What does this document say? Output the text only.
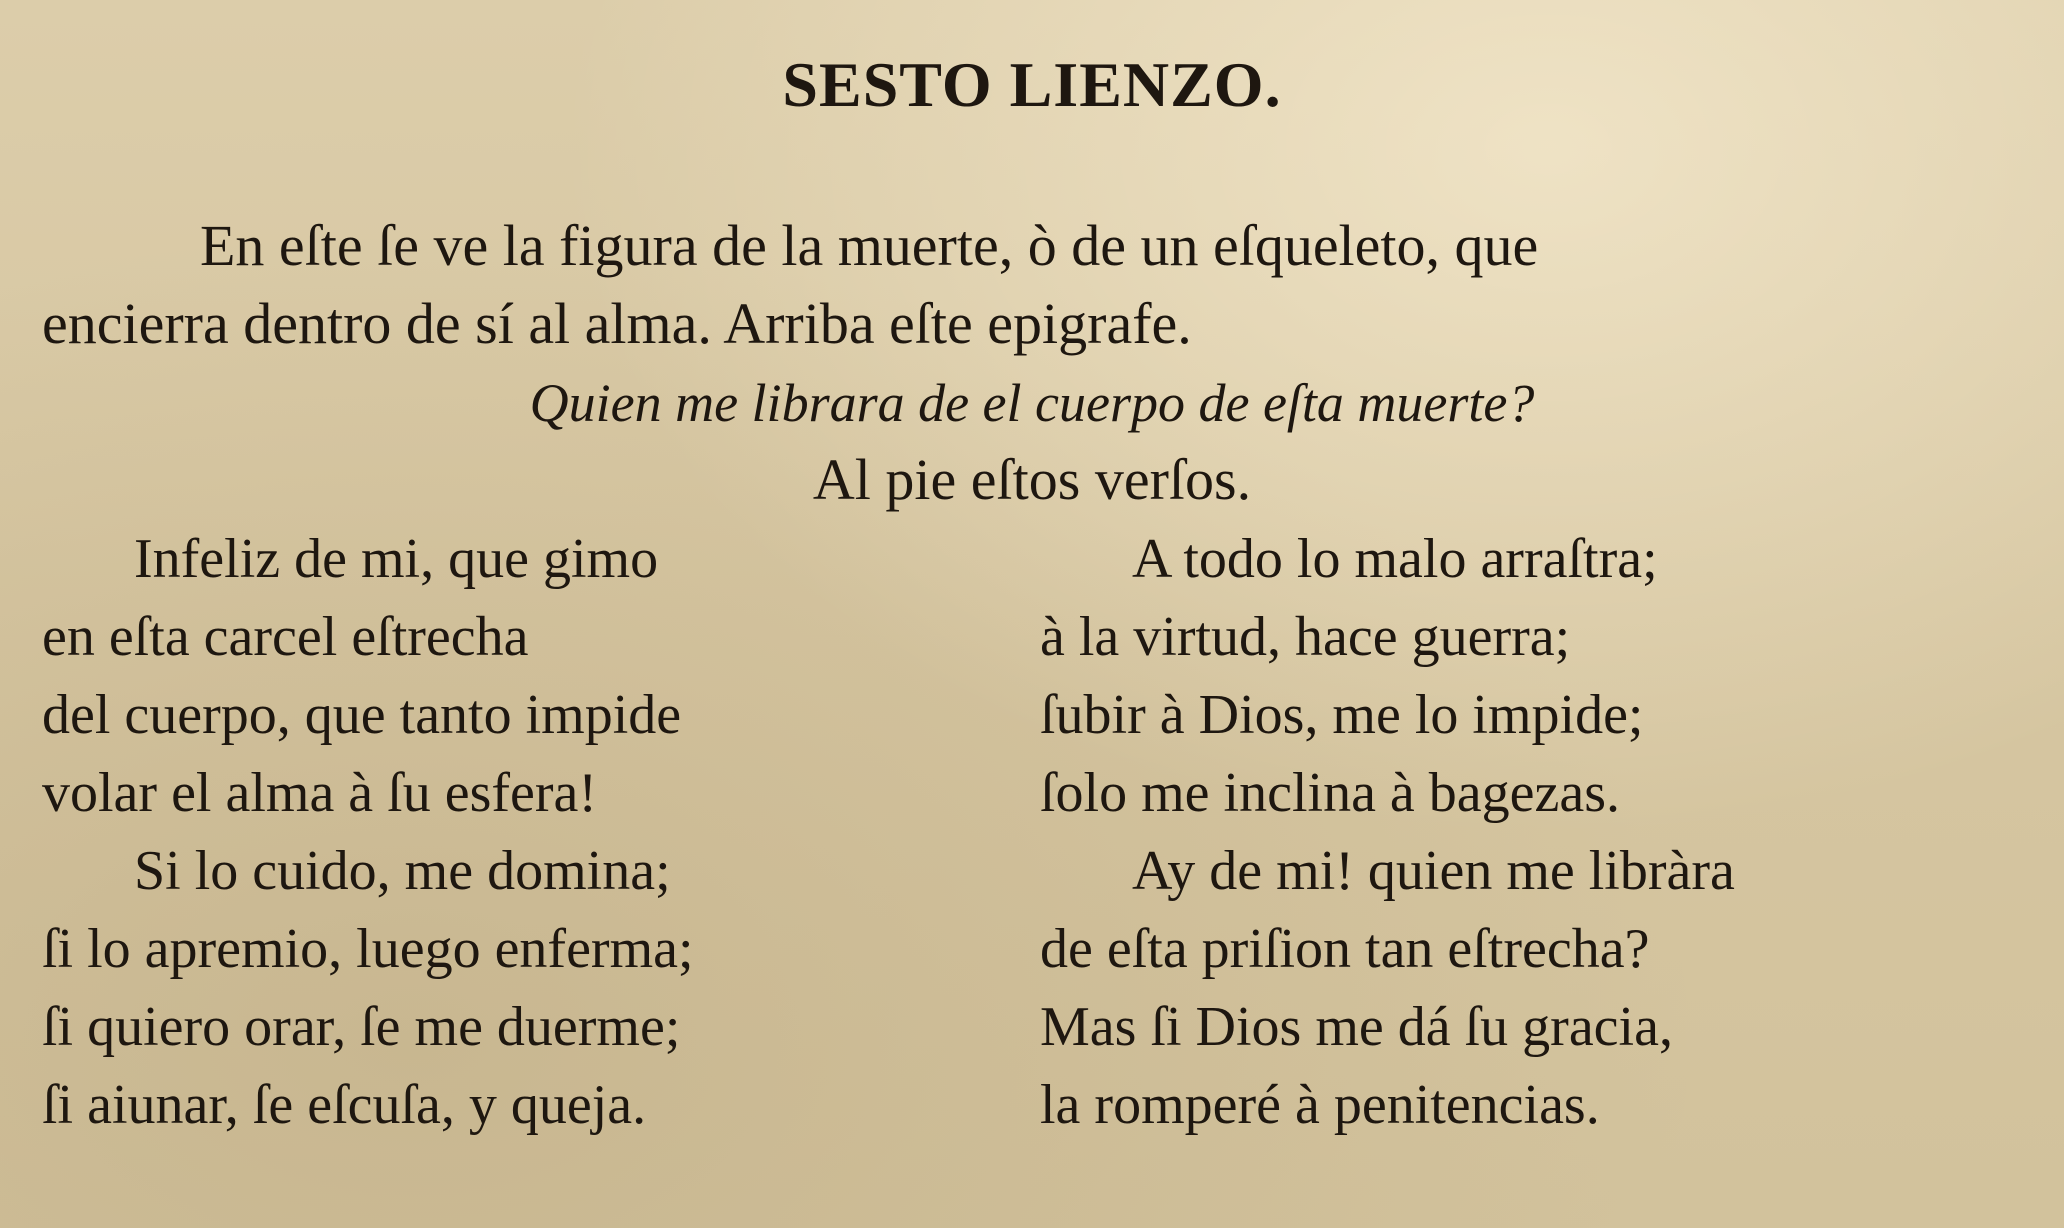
SESTO LIENZO.

En eſte ſe ve la figura de la muerte, ò de un eſqueleto, que

encierra dentro de sí al alma. Arriba eſte epigrafe.

Quien me librara de el cuerpo de eſta muerte?

Al pie eſtos verſos.

Infeliz de mi, que gimo
en eſta carcel eſtrecha
del cuerpo, que tanto impide
volar el alma à ſu esfera!
Si lo cuido, me domina;
ſi lo apremio, luego enferma;
ſi quiero orar, ſe me duerme;
ſi aiunar, ſe eſcuſa, y queja.
A todo lo malo arraſtra;
à la virtud, hace guerra;
ſubir à Dios, me lo impide;
ſolo me inclina à bagezas.
Ay de mi! quien me libràra
de eſta priſion tan eſtrecha?
Mas ſi Dios me dá ſu gracia,
la romperé à penitencias.
